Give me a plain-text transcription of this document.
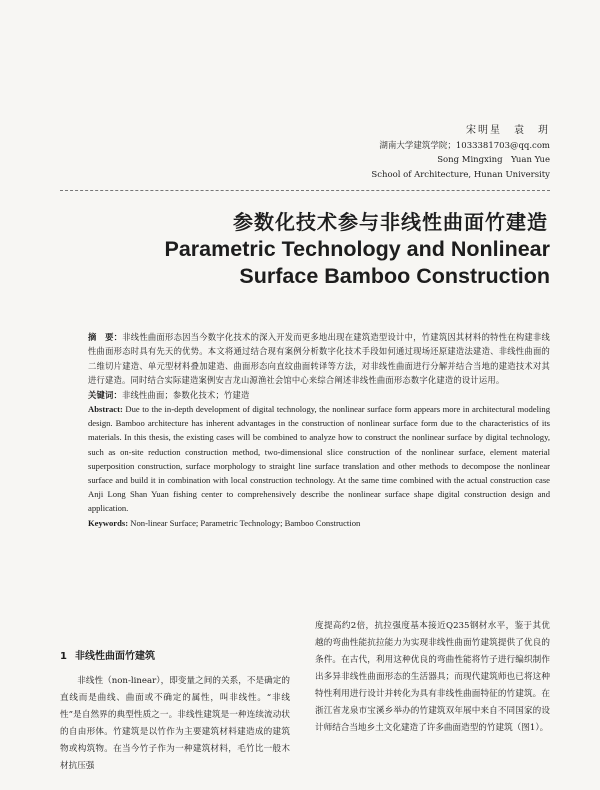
宋明星　袁　玥
湖南大学建筑学院；1033381703@qq.com
Song Mingxing　Yuan Yue
School of Architecture, Hunan University
参数化技术参与非线性曲面竹建造
Parametric Technology and Nonlinear Surface Bamboo Construction

摘　要：非线性曲面形态因当今数字化技术的深入开发而更多地出现在建筑造型设计中，竹建筑因其材料的特性在构建非线性曲面形态时具有先天的优势。本文将通过结合现有案例分析数字化技术手段如何通过现场还原建造法建造、非线性曲面的二维切片建造、单元型材料叠加建造、曲面形态向直纹曲面转译等方法，对非线性曲面进行分解并结合当地的建造技术对其进行建造。同时结合实际建造案例安吉龙山源渔社会馆中心来综合阐述非线性曲面形态数字化建造的设计运用。

关键词：非线性曲面；参数化技术；竹建造

Abstract: Due to the in-depth development of digital technology, the nonlinear surface form appears more in architectural modeling design. Bamboo architecture has inherent advantages in the construction of nonlinear surface form due to the characteristics of its materials. In this thesis, the existing cases will be combined to analyze how to construct the nonlinear surface by digital technology, such as on-site reduction construction method, two-dimensional slice construction of the nonlinear surface, element material superposition construction, surface morphology to straight line surface translation and other methods to decompose the nonlinear surface and build it in combination with local construction technology. At the same time combined with the actual construction case Anji Long Shan Yuan fishing center to comprehensively describe the nonlinear surface shape digital construction design and application.

Keywords: Non-linear Surface; Parametric Technology; Bamboo Construction

1 非线性曲面竹建筑

非线性（non-linear），即变量之间的关系，不是确定的直线而是曲线、曲面或不确定的属性，叫非线性。“非线性”是自然界的典型性质之一。非线性建筑是一种连续流动状的自由形体。竹建筑是以竹作为主要建筑材料建造成的建筑物或构筑物。在当今竹子作为一种建筑材料，毛竹比一般木材抗压强

度提高约2倍，抗拉强度基本接近Q235钢材水平，鉴于其优越的弯曲性能抗拉能力为实现非线性曲面竹建筑提供了优良的条件。在古代，利用这种优良的弯曲性能将竹子进行编织制作出多异非线性曲面形态的生活器具；而现代建筑师也已将这种特性利用进行设计并转化为具有非线性曲面特征的竹建筑。在浙江省龙泉市宝溪乡举办的竹建筑双年展中来自不同国家的设计师结合当地乡土文化建造了许多曲面造型的竹建筑（图1）。
